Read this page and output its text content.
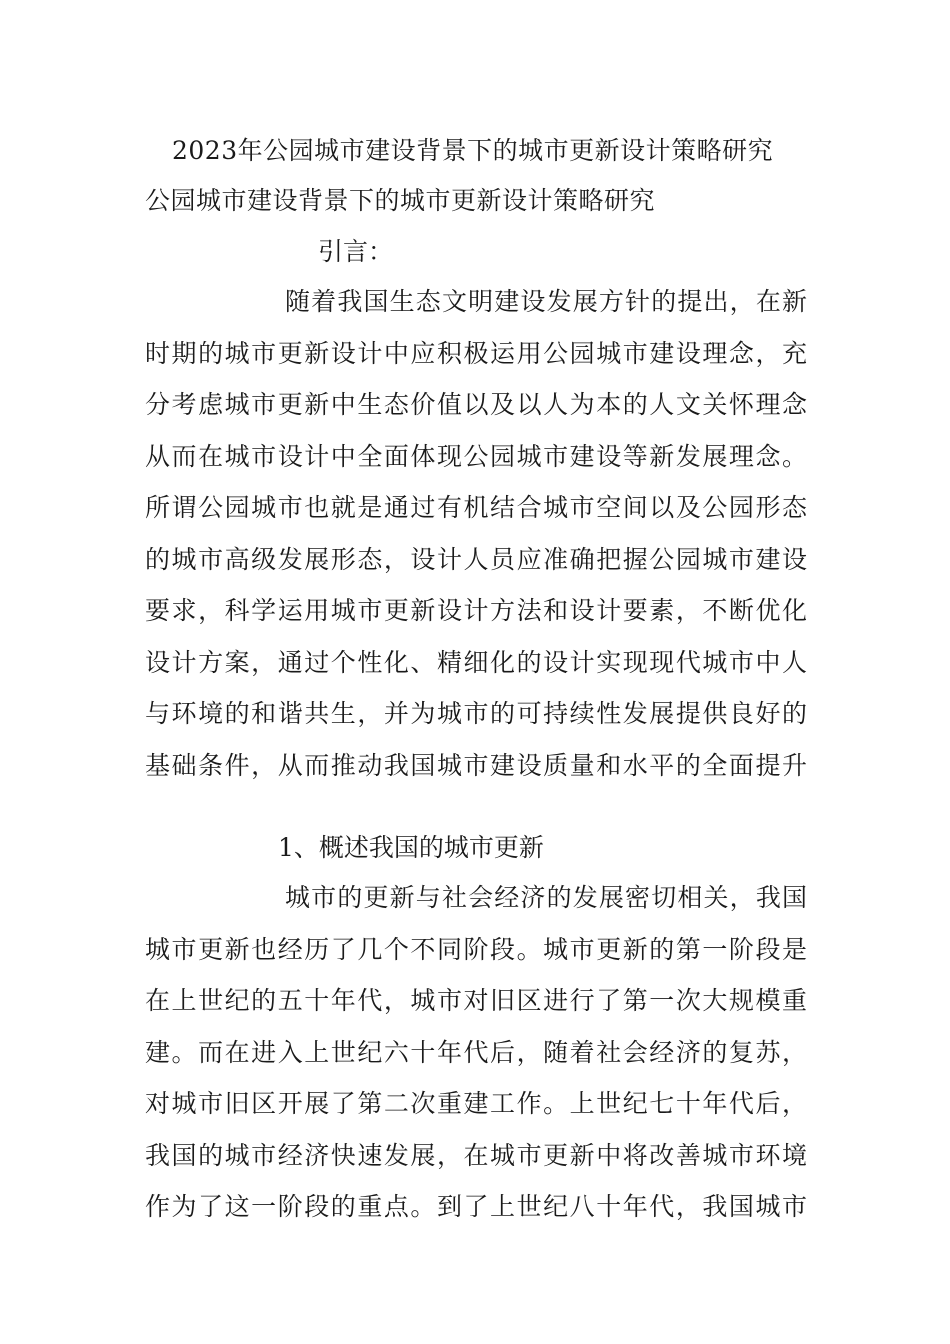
2023年公园城市建设背景下的城市更新设计策略研究
公园城市建设背景下的城市更新设计策略研究
引言：
随着我国生态文明建设发展方针的提出，在新
时期的城市更新设计中应积极运用公园城市建设理念，充
分考虑城市更新中生态价值以及以人为本的人文关怀理念
从而在城市设计中全面体现公园城市建设等新发展理念。
所谓公园城市也就是通过有机结合城市空间以及公园形态
的城市高级发展形态，设计人员应准确把握公园城市建设
要求，科学运用城市更新设计方法和设计要素，不断优化
设计方案，通过个性化、精细化的设计实现现代城市中人
与环境的和谐共生，并为城市的可持续性发展提供良好的
基础条件，从而推动我国城市建设质量和水平的全面提升
1、概述我国的城市更新
城市的更新与社会经济的发展密切相关，我国
城市更新也经历了几个不同阶段。城市更新的第一阶段是
在上世纪的五十年代，城市对旧区进行了第一次大规模重
建。而在进入上世纪六十年代后，随着社会经济的复苏，
对城市旧区开展了第二次重建工作。上世纪七十年代后，
我国的城市经济快速发展，在城市更新中将改善城市环境
作为了这一阶段的重点。到了上世纪八十年代，我国城市
